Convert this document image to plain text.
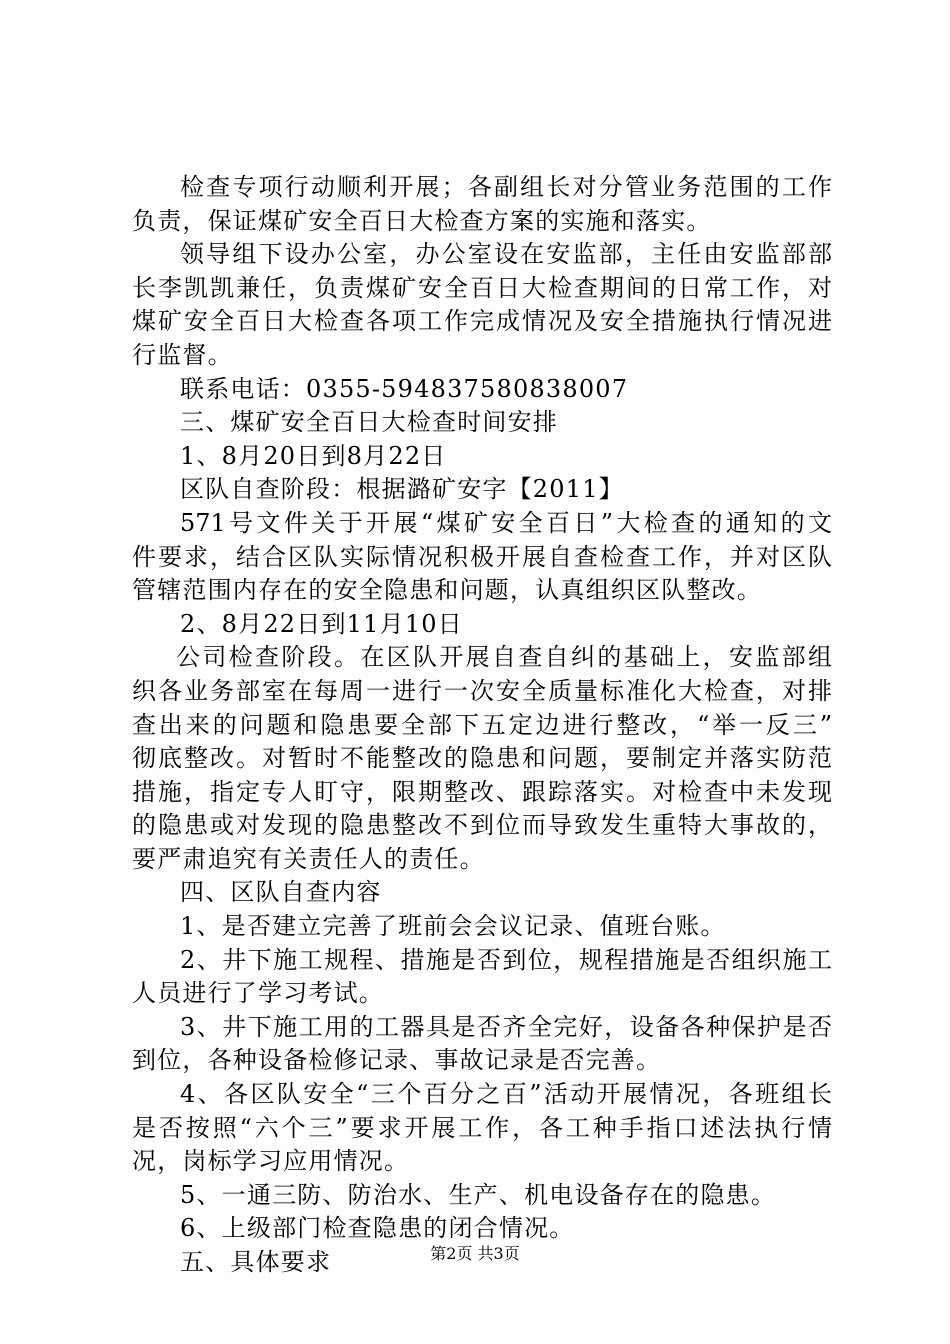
检查专项行动顺利开展；各副组长对分管业务范围的工作
负责，保证煤矿安全百日大检查方案的实施和落实。
领导组下设办公室，办公室设在安监部，主任由安监部部
长李凯凯兼任，负责煤矿安全百日大检查期间的日常工作，对
煤矿安全百日大检查各项工作完成情况及安全措施执行情况进
行监督。
联系电话：0355-594837580838007
三、煤矿安全百日大检查时间安排
1、8月20日到8月22日
区队自查阶段：根据潞矿安字【2011】
571号文件关于开展“煤矿安全百日”大检查的通知的文
件要求，结合区队实际情况积极开展自查检查工作，并对区队
管辖范围内存在的安全隐患和问题，认真组织区队整改。
2、8月22日到11月10日
公司检查阶段。在区队开展自查自纠的基础上，安监部组
织各业务部室在每周一进行一次安全质量标准化大检查，对排
查出来的问题和隐患要全部下五定边进行整改，“举一反三”
彻底整改。对暂时不能整改的隐患和问题，要制定并落实防范
措施，指定专人盯守，限期整改、跟踪落实。对检查中未发现
的隐患或对发现的隐患整改不到位而导致发生重特大事故的，
要严肃追究有关责任人的责任。
四、区队自查内容
1、是否建立完善了班前会会议记录、值班台账。
2、井下施工规程、措施是否到位，规程措施是否组织施工
人员进行了学习考试。
3、井下施工用的工器具是否齐全完好，设备各种保护是否
到位，各种设备检修记录、事故记录是否完善。
4、各区队安全“三个百分之百”活动开展情况，各班组长
是否按照“六个三”要求开展工作，各工种手指口述法执行情
况，岗标学习应用情况。
5、一通三防、防治水、生产、机电设备存在的隐患。
6、上级部门检查隐患的闭合情况。
五、具体要求	第2页 共3页
